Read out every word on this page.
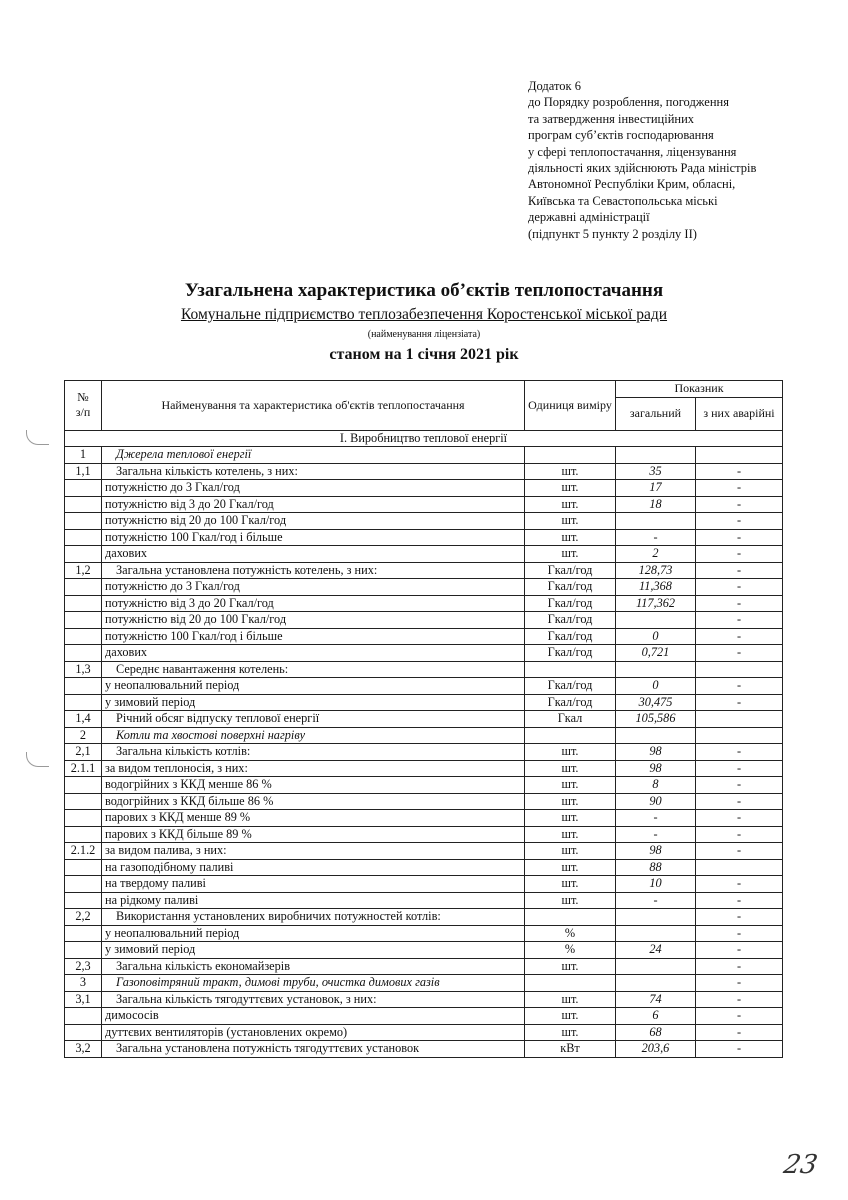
Додаток 6
до Порядку розроблення, погодження
та затвердження інвестиційних
програм суб’єктів господарювання
у сфері теплопостачання, ліцензування
діяльності яких здійснюють Рада міністрів
Автономної Республіки Крим, обласні,
Київська та Севастопольська міські
державні адміністрації
(підпункт 5 пункту 2 розділу II)
Узагальнена характеристика об’єктів теплопостачання
Комунальне підприємство теплозабезпечення Коростенської міської ради
(найменування ліцензіата)
станом на 1 січня 2021 рік
№
з/п	Найменування та характеристика об'єктів теплопостачання	Одиниця виміру	Показник	
			загальний	з них аварійні
І. Виробництво теплової енергії				
1	Джерела теплової енергії			
1,1	Загальна кількість котелень, з них:	шт.	35	-
	потужністю до 3 Гкал/год	шт.	17	-
	потужністю від 3 до 20 Гкал/год	шт.	18	-
	потужністю від 20 до 100 Гкал/год	шт.		-
	потужністю 100 Гкал/год і більше	шт.	-	-
	дахових	шт.	2	-
1,2	Загальна установлена потужність котелень, з них:	Гкал/год	128,73	-
	потужністю до 3 Гкал/год	Гкал/год	11,368	-
	потужністю від 3 до 20 Гкал/год	Гкал/год	117,362	-
	потужністю від 20 до 100 Гкал/год	Гкал/год		-
	потужністю 100 Гкал/год і більше	Гкал/год	0	-
	дахових	Гкал/год	0,721	-
1,3	Середнє навантаження котелень:			
	у неопалювальний період	Гкал/год	0	-
	у зимовий період	Гкал/год	30,475	-
1,4	Річний обсяг відпуску теплової енергії	Гкал	105,586	
2	Котли та хвостові поверхні нагріву			
2,1	Загальна кількість котлів:	шт.	98	-
2.1.1	за видом теплоносія, з них:	шт.	98	-
	водогрійних з ККД менше 86 %	шт.	8	-
	водогрійних з ККД більше 86 %	шт.	90	-
	парових з ККД менше 89 %	шт.	-	-
	парових з ККД більше 89 %	шт.	-	-
2.1.2	за видом палива, з них:	шт.	98	-
	на газоподібному паливі	шт.	88	
	на твердому паливі	шт.	10	-
	на рідкому паливі	шт.	-	-
2,2	Використання установлених виробничих потужностей котлів:			-
	у неопалювальний період	%		-
	у зимовий період	%	24	-
2,3	Загальна кількість економайзерів	шт.		-
3	Газоповітряний тракт, димові труби, очистка димових газів			-
3,1	Загальна кількість тягодуттєвих установок, з них:	шт.	74	-
	димососів	шт.	6	-
	дуттєвих вентиляторів (установлених окремо)	шт.	68	-
3,2	Загальна установлена потужність тягодуттєвих установок	кВт	203,6	-
23
